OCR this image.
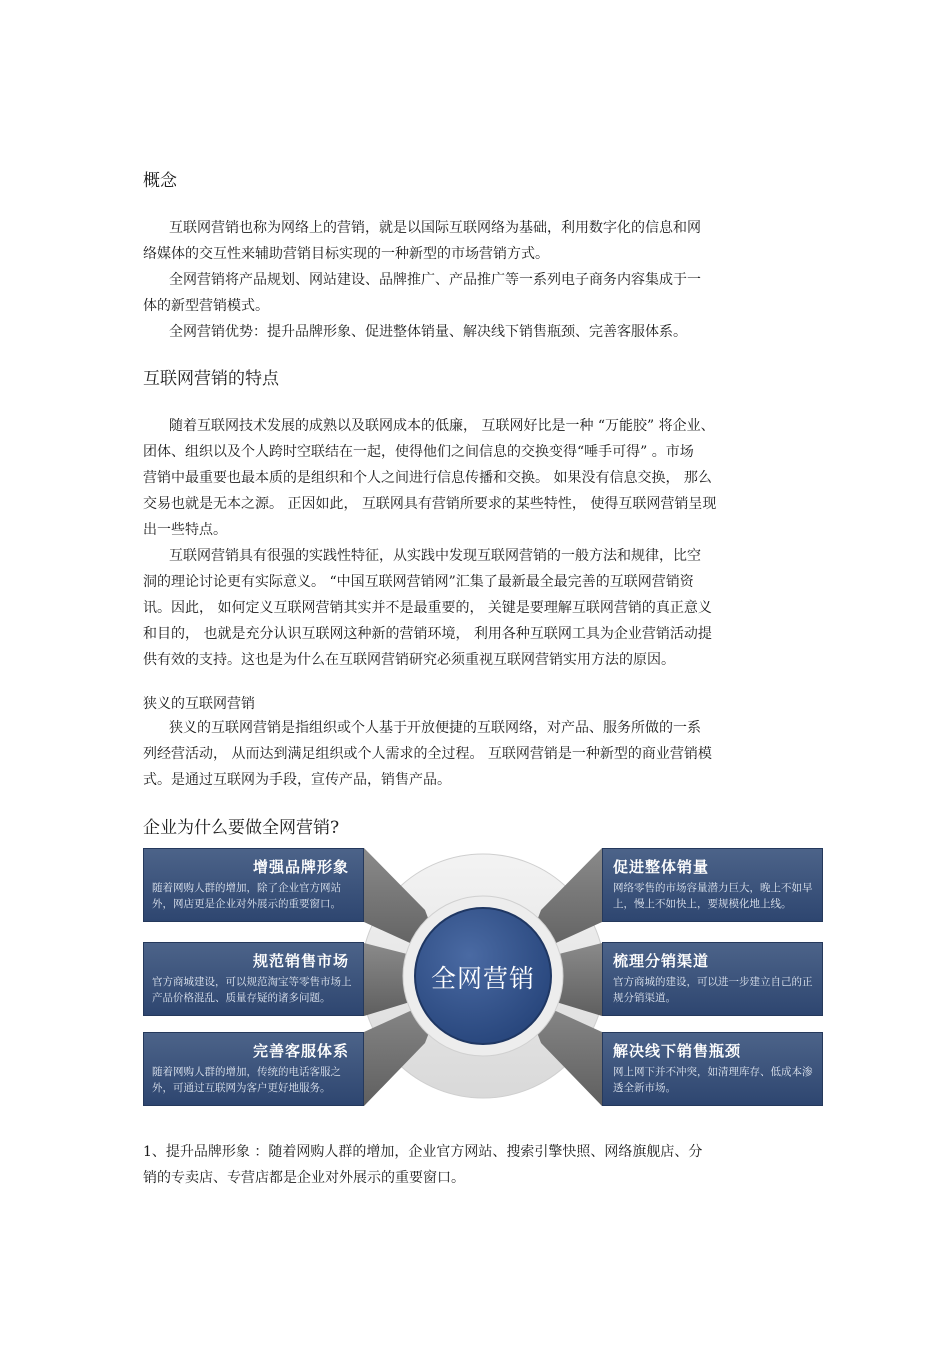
概念
互联网营销也称为网络上的营销，就是以国际互联网络为基础，利用数字化的信息和网
络媒体的交互性来辅助营销目标实现的一种新型的市场营销方式。
全网营销将产品规划、网站建设、品牌推广、产品推广等一系列电子商务内容集成于一
体的新型营销模式。
全网营销优势：提升品牌形象、促进整体销量、解决线下销售瓶颈、完善客服体系。
互联网营销的特点
随着互联网技术发展的成熟以及联网成本的低廉， 互联网好比是一种 “万能胶” 将企业、
团体、组织以及个人跨时空联结在一起，使得他们之间信息的交换变得“唾手可得” 。市场
营销中最重要也最本质的是组织和个人之间进行信息传播和交换。 如果没有信息交换， 那么
交易也就是无本之源。 正因如此， 互联网具有营销所要求的某些特性， 使得互联网营销呈现
出一些特点。
互联网营销具有很强的实践性特征，从实践中发现互联网营销的一般方法和规律，比空
洞的理论讨论更有实际意义。 “中国互联网营销网”汇集了最新最全最完善的互联网营销资
讯。因此， 如何定义互联网营销其实并不是最重要的， 关键是要理解互联网营销的真正意义
和目的， 也就是充分认识互联网这种新的营销环境， 利用各种互联网工具为企业营销活动提
供有效的支持。这也是为什么在互联网营销研究必须重视互联网营销实用方法的原因。
狭义的互联网营销
狭义的互联网营销是指组织或个人基于开放便捷的互联网络，对产品、服务所做的一系
列经营活动， 从而达到满足组织或个人需求的全过程。 互联网营销是一种新型的商业营销模
式。是通过互联网为手段，宣传产品，销售产品。
企业为什么要做全网营销?
全网营销
增强品牌形象
随着网购人群的增加，除了企业官方网站外，网店更是企业对外展示的重要窗口。
规范销售市场
官方商城建设，可以规范淘宝等零售市场上产品价格混乱、质量存疑的诸多问题。
完善客服体系
随着网购人群的增加，传统的电话客服之外，可通过互联网为客户更好地服务。
促进整体销量
网络零售的市场容量潜力巨大，晚上不如早上，慢上不如快上，要规模化地上线。
梳理分销渠道
官方商城的建设，可以进一步建立自己的正规分销渠道。
解决线下销售瓶颈
网上网下并不冲突，如清理库存、低成本渗透全新市场。
1、提升品牌形象 ：随着网购人群的增加，企业官方网站、搜索引擎快照、网络旗舰店、分
销的专卖店、专营店都是企业对外展示的重要窗口。
